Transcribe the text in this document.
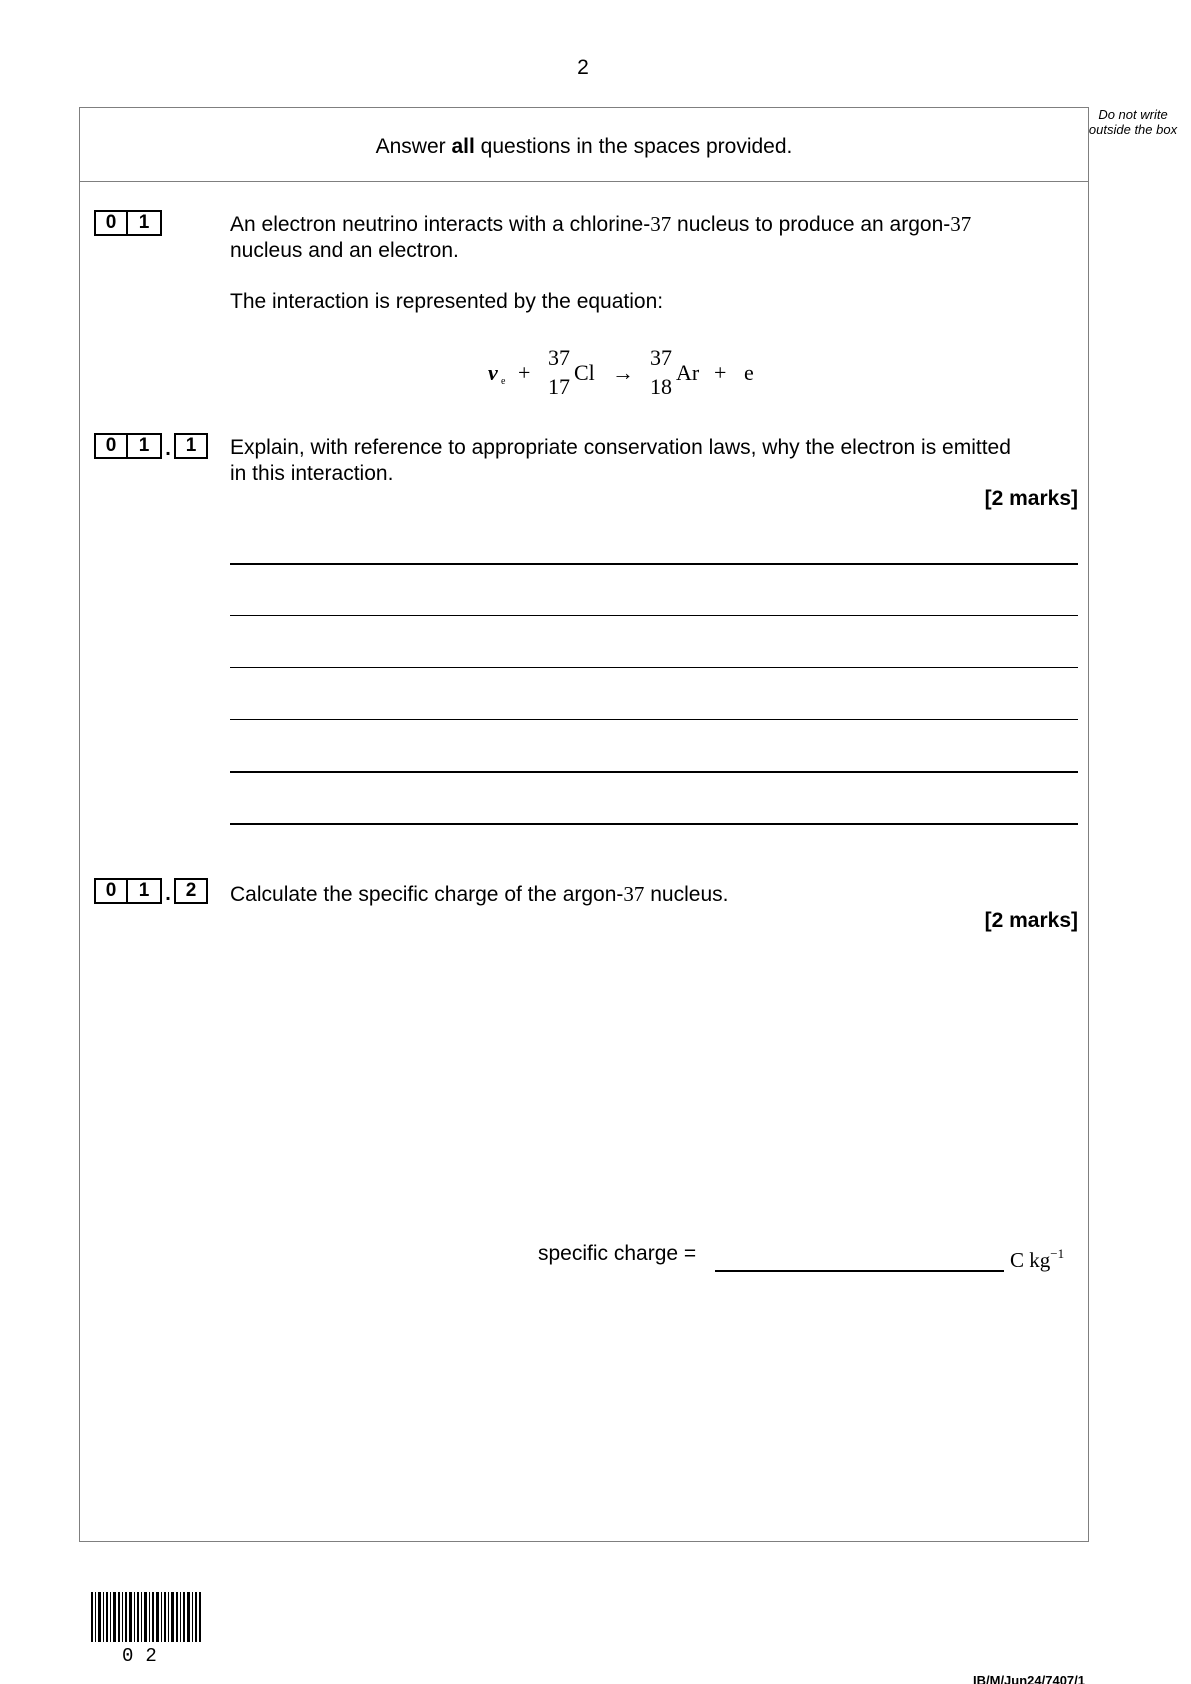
2
Do not write outside the box
Answer all questions in the spaces provided.
0	1	An electron neutrino interacts with a chlorine-37 nucleus to produce an argon-37
nucleus and an electron.
The interaction is represented by the equation:
ν e +
37
17
Cl →
37
18
Ar + e
0	1 . 1	Explain, with reference to appropriate conservation laws, why the electron is emitted
in this interaction.
[2 marks]
0	1 . 2	Calculate the specific charge of the argon-37 nucleus.
[2 marks]
specific charge =	C $kg^{-1}$
02
IB/M/Jun24/7407/1
